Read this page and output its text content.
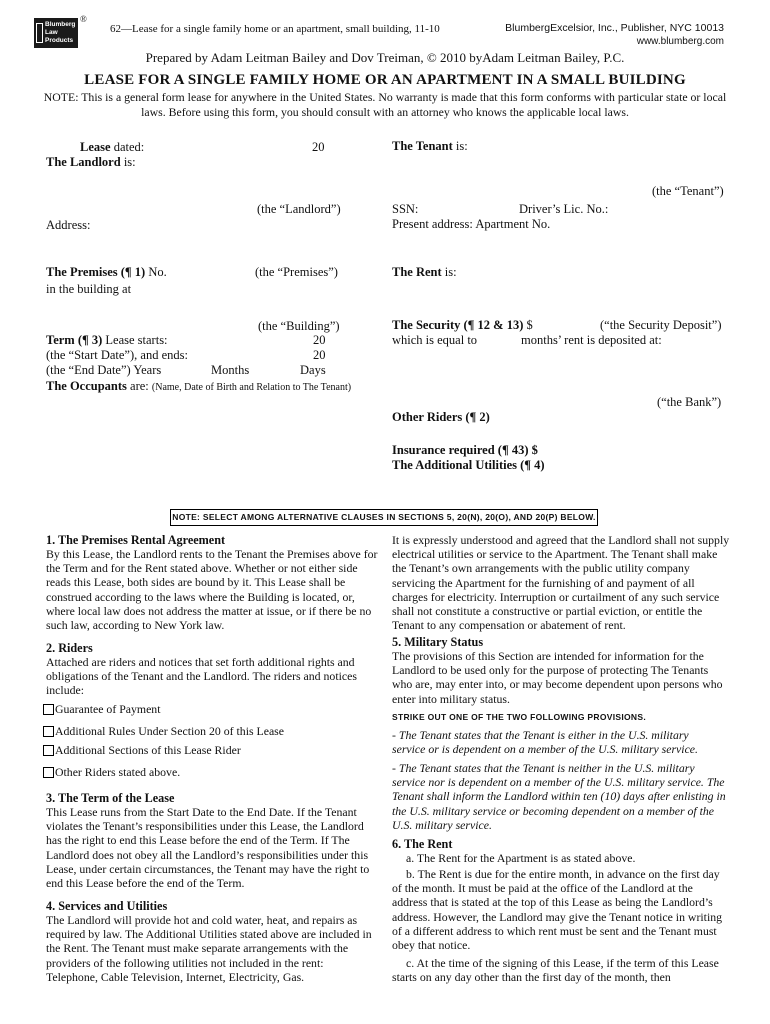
Blumberg Law Products
®
62—Lease for a single family home or an apartment, small building, 11-10	BlumbergExcelsior, Inc., Publisher, NYC 10013
www.blumberg.com
Prepared by Adam Leitman Bailey and Dov Treiman, © 2010 byAdam Leitman Bailey, P.C.
LEASE FOR A SINGLE FAMILY HOME OR AN APARTMENT IN A SMALL BUILDING
NOTE: This is a general form lease for anywhere in the United States. No warranty is made that this form conforms with particular state or local laws. Before using this form, you should consult with an attorney who knows the applicable local laws.
Lease dated:	20
The Landlord is:
(the “Landlord”)
Address:
The Premises (¶ 1) No.	(the “Premises”)
in the building at
(the “Building”)
Term (¶ 3) Lease starts:	20
(the “Start Date”), and ends:	20
(the “End Date”) Years	Months	Days
The Occupants are: (Name, Date of Birth and Relation to The Tenant)
The Tenant is:
(the “Tenant”)
SSN:	Driver’s Lic. No.:
Present address: Apartment No.
The Rent is:
The Security (¶ 12 & 13) $	(“the Security Deposit”)
which is equal to	months’ rent is deposited at:
(“the Bank”)
Other Riders (¶ 2)
Insurance required (¶ 43) $
The Additional Utilities (¶ 4)
NOTE: SELECT AMONG ALTERNATIVE CLAUSES IN SECTIONS 5, 20(N), 20(O), AND 20(P) BELOW.
1. The Premises Rental Agreement
By this Lease, the Landlord rents to the Tenant the Premises above for the Term and for the Rent stated above. Whether or not either side reads this Lease, both sides are bound by it. This Lease shall be construed according to the laws where the Building is located, or, where local law does not address the matter at issue, or if there be no such law, according to New York law.
2. Riders
Attached are riders and notices that set forth additional rights and obligations of the Tenant and the Landlord. The riders and notices include:
Guarantee of Payment
Additional Rules Under Section 20 of this Lease
Additional Sections of this Lease Rider
Other Riders stated above.
3. The Term of the Lease
This Lease runs from the Start Date to the End Date. If the Tenant violates the Tenant’s responsibilities under this Lease, the Landlord has the right to end this Lease before the end of the Term. If The Landlord does not obey all the Landlord’s responsibilities under this Lease, under certain circumstances, the Tenant may have the right to end this Lease before the end of the Term.
4. Services and Utilities
The Landlord will provide hot and cold water, heat, and repairs as required by law. The Additional Utilities stated above are included in the Rent. The Tenant must make separate arrangements with the providers of the following utilities not included in the rent: Telephone, Cable Television, Internet, Electricity, Gas.
It is expressly understood and agreed that the Landlord shall not supply electrical utilities or service to the Apartment. The Tenant shall make the Tenant’s own arrangements with the public utility company servicing the Apartment for the furnishing of and payment of all charges for electricity. Interruption or curtailment of any such service shall not constitute a constructive or partial eviction, or entitle the Tenant to any compensation or abatement of rent.
5. Military Status
The provisions of this Section are intended for information for the Landlord to be used only for the purpose of protecting The Tenants who are, may enter into, or may become dependent upon persons who enter into military status.
STRIKE OUT ONE OF THE TWO FOLLOWING PROVISIONS.
- The Tenant states that the Tenant is either in the U.S. military service or is dependent on a member of the U.S. military service.
- The Tenant states that the Tenant is neither in the U.S. military service nor is dependent on a member of the U.S. military service. The Tenant shall inform the Landlord within ten (10) days after enlisting in the U.S. military service or becoming dependent on a member of the U.S. military service.
6. The Rent
a. The Rent for the Apartment is as stated above.
b. The Rent is due for the entire month, in advance on the first day of the month. It must be paid at the office of the Landlord at the address that is stated at the top of this Lease as being the Landlord’s address. However, the Landlord may give the Tenant notice in writing of a different address to which rent must be sent and the Tenant must obey that notice.
c. At the time of the signing of this Lease, if the term of this Lease starts on any day other than the first day of the month, then
